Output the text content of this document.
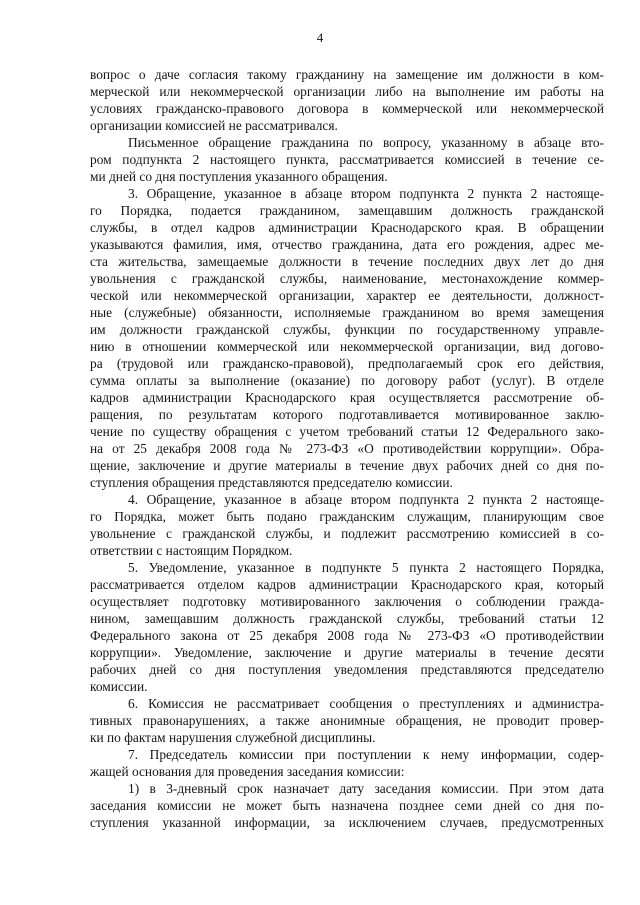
4
вопрос о даче согласия такому гражданину на замещение им должности в ком-
мерческой или некоммерческой организации либо на выполнение им работы на
условиях гражданско-правового договора в коммерческой или некоммерческой
организации комиссией не рассматривался.
Письменное обращение гражданина по вопросу, указанному в абзаце вто-
ром подпункта 2 настоящего пункта, рассматривается комиссией в течение се-
ми дней со дня поступления указанного обращения.
3. Обращение, указанное в абзаце втором подпункта 2 пункта 2 настояще-
го Порядка, подается гражданином, замещавшим должность гражданской
службы, в отдел кадров администрации Краснодарского края. В обращении
указываются фамилия, имя, отчество гражданина, дата его рождения, адрес ме-
ста жительства, замещаемые должности в течение последних двух лет до дня
увольнения с гражданской службы, наименование, местонахождение коммер-
ческой или некоммерческой организации, характер ее деятельности, должност-
ные (служебные) обязанности, исполняемые гражданином во время замещения
им должности гражданской службы, функции по государственному управле-
нию в отношении коммерческой или некоммерческой организации, вид догово-
ра (трудовой или гражданско-правовой), предполагаемый срок его действия,
сумма оплаты за выполнение (оказание) по договору работ (услуг). В отделе
кадров администрации Краснодарского края осуществляется рассмотрение об-
ращения, по результатам которого подготавливается мотивированное заклю-
чение по существу обращения с учетом требований статьи 12 Федерального зако-
на от 25 декабря 2008 года № 273-ФЗ «О противодействии коррупции». Обра-
щение, заключение и другие материалы в течение двух рабочих дней со дня по-
ступления обращения представляются председателю комиссии.
4. Обращение, указанное в абзаце втором подпункта 2 пункта 2 настояще-
го Порядка, может быть подано гражданским служащим, планирующим свое
увольнение с гражданской службы, и подлежит рассмотрению комиссией в со-
ответствии с настоящим Порядком.
5. Уведомление, указанное в подпункте 5 пункта 2 настоящего Порядка,
рассматривается отделом кадров администрации Краснодарского края, который
осуществляет подготовку мотивированного заключения о соблюдении гражда-
нином, замещавшим должность гражданской службы, требований статьи 12
Федерального закона от 25 декабря 2008 года № 273-ФЗ «О противодействии
коррупции». Уведомление, заключение и другие материалы в течение десяти
рабочих дней со дня поступления уведомления представляются председателю
комиссии.
6. Комиссия не рассматривает сообщения о преступлениях и администра-
тивных правонарушениях, а также анонимные обращения, не проводит провер-
ки по фактам нарушения служебной дисциплины.
7. Председатель комиссии при поступлении к нему информации, содер-
жащей основания для проведения заседания комиссии:
1) в 3-дневный срок назначает дату заседания комиссии. При этом дата
заседания комиссии не может быть назначена позднее семи дней со дня по-
ступления указанной информации, за исключением случаев, предусмотренных
